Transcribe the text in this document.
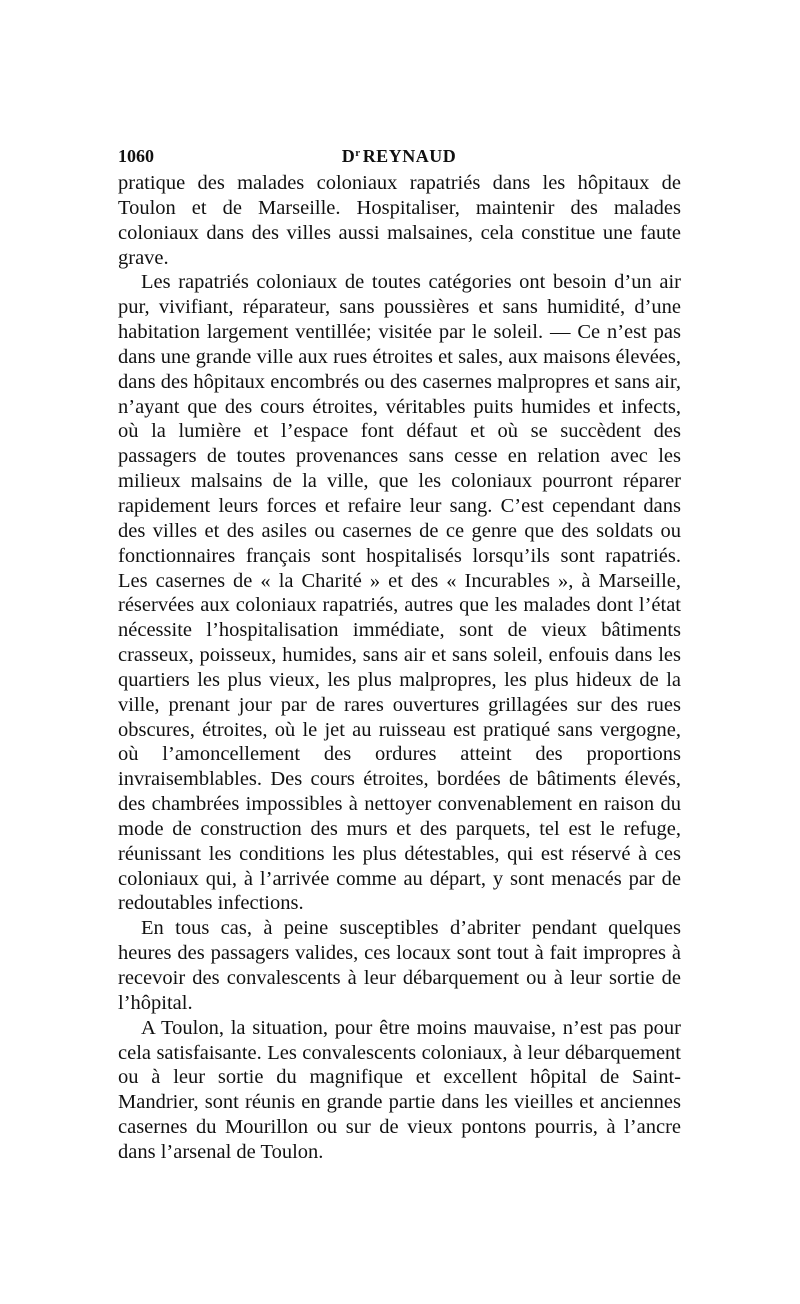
1060	$D^r$ REYNAUD

pratique des malades coloniaux rapatriés dans les hôpitaux de Toulon et de Marseille. Hospitaliser, maintenir des malades coloniaux dans des villes aussi malsaines, cela constitue une faute grave.

Les rapatriés coloniaux de toutes catégories ont besoin d’un air pur, vivifiant, réparateur, sans poussières et sans humidité, d’une habitation largement ventillée; visitée par le soleil. — Ce n’est pas dans une grande ville aux rues étroites et sales, aux maisons élevées, dans des hôpitaux encombrés ou des casernes malpropres et sans air, n’ayant que des cours étroites, véritables puits humides et infects, où la lumière et l’espace font défaut et où se succèdent des passagers de toutes provenances sans cesse en relation avec les milieux malsains de la ville, que les coloniaux pourront réparer rapidement leurs forces et refaire leur sang. C’est cependant dans des villes et des asiles ou casernes de ce genre que des soldats ou fonctionnaires français sont hospitalisés lorsqu’ils sont rapatriés. Les casernes de « la Charité » et des « Incurables », à Marseille, réservées aux coloniaux rapatriés, autres que les malades dont l’état nécessite l’hospitalisation immédiate, sont de vieux bâtiments crasseux, poisseux, humides, sans air et sans soleil, enfouis dans les quartiers les plus vieux, les plus malpropres, les plus hideux de la ville, prenant jour par de rares ouvertures grillagées sur des rues obscures, étroites, où le jet au ruisseau est pratiqué sans vergogne, où l’amoncellement des ordures atteint des proportions invraisemblables. Des cours étroites, bordées de bâtiments élevés, des chambrées impossibles à nettoyer convenablement en raison du mode de construction des murs et des parquets, tel est le refuge, réunissant les conditions les plus détestables, qui est réservé à ces coloniaux qui, à l’arrivée comme au départ, y sont menacés par de redoutables infections.

En tous cas, à peine susceptibles d’abriter pendant quelques heures des passagers valides, ces locaux sont tout à fait impropres à recevoir des convalescents à leur débarquement ou à leur sortie de l’hôpital.

A Toulon, la situation, pour être moins mauvaise, n’est pas pour cela satisfaisante. Les convalescents coloniaux, à leur débarquement ou à leur sortie du magnifique et excellent hôpital de Saint-Mandrier, sont réunis en grande partie dans les vieilles et anciennes casernes du Mourillon ou sur de vieux pontons pourris, à l’ancre dans l’arsenal de Toulon.
